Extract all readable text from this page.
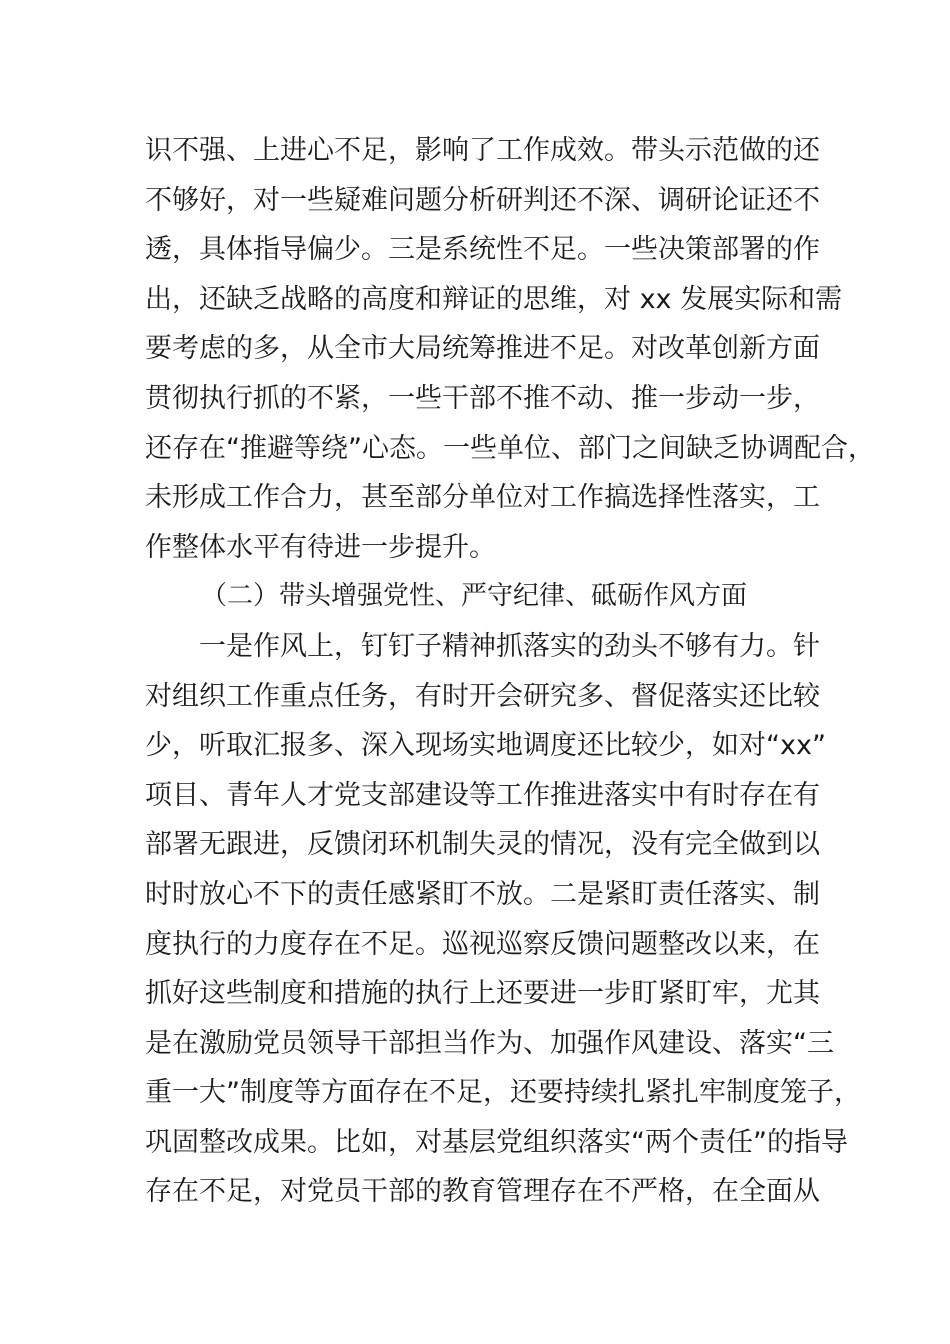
识不强、上进心不足，影响了工作成效。带头示范做的还
不够好，对一些疑难问题分析研判还不深、调研论证还不
透，具体指导偏少。三是系统性不足。一些决策部署的作
出，还缺乏战略的高度和辩证的思维，对 xx 发展实际和需
要考虑的多，从全市大局统筹推进不足。对改革创新方面
贯彻执行抓的不紧，一些干部不推不动、推一步动一步，
还存在“推避等绕”心态。一些单位、部门之间缺乏协调配合，
未形成工作合力，甚至部分单位对工作搞选择性落实，工
作整体水平有待进一步提升。
（二）带头增强党性、严守纪律、砥砺作风方面
一是作风上，钉钉子精神抓落实的劲头不够有力。针
对组织工作重点任务，有时开会研究多、督促落实还比较
少，听取汇报多、深入现场实地调度还比较少，如对“xx”
项目、青年人才党支部建设等工作推进落实中有时存在有
部署无跟进，反馈闭环机制失灵的情况，没有完全做到以
时时放心不下的责任感紧盯不放。二是紧盯责任落实、制
度执行的力度存在不足。巡视巡察反馈问题整改以来，在
抓好这些制度和措施的执行上还要进一步盯紧盯牢，尤其
是在激励党员领导干部担当作为、加强作风建设、落实“三
重一大”制度等方面存在不足，还要持续扎紧扎牢制度笼子，
巩固整改成果。比如，对基层党组织落实“两个责任”的指导
存在不足，对党员干部的教育管理存在不严格，在全面从
